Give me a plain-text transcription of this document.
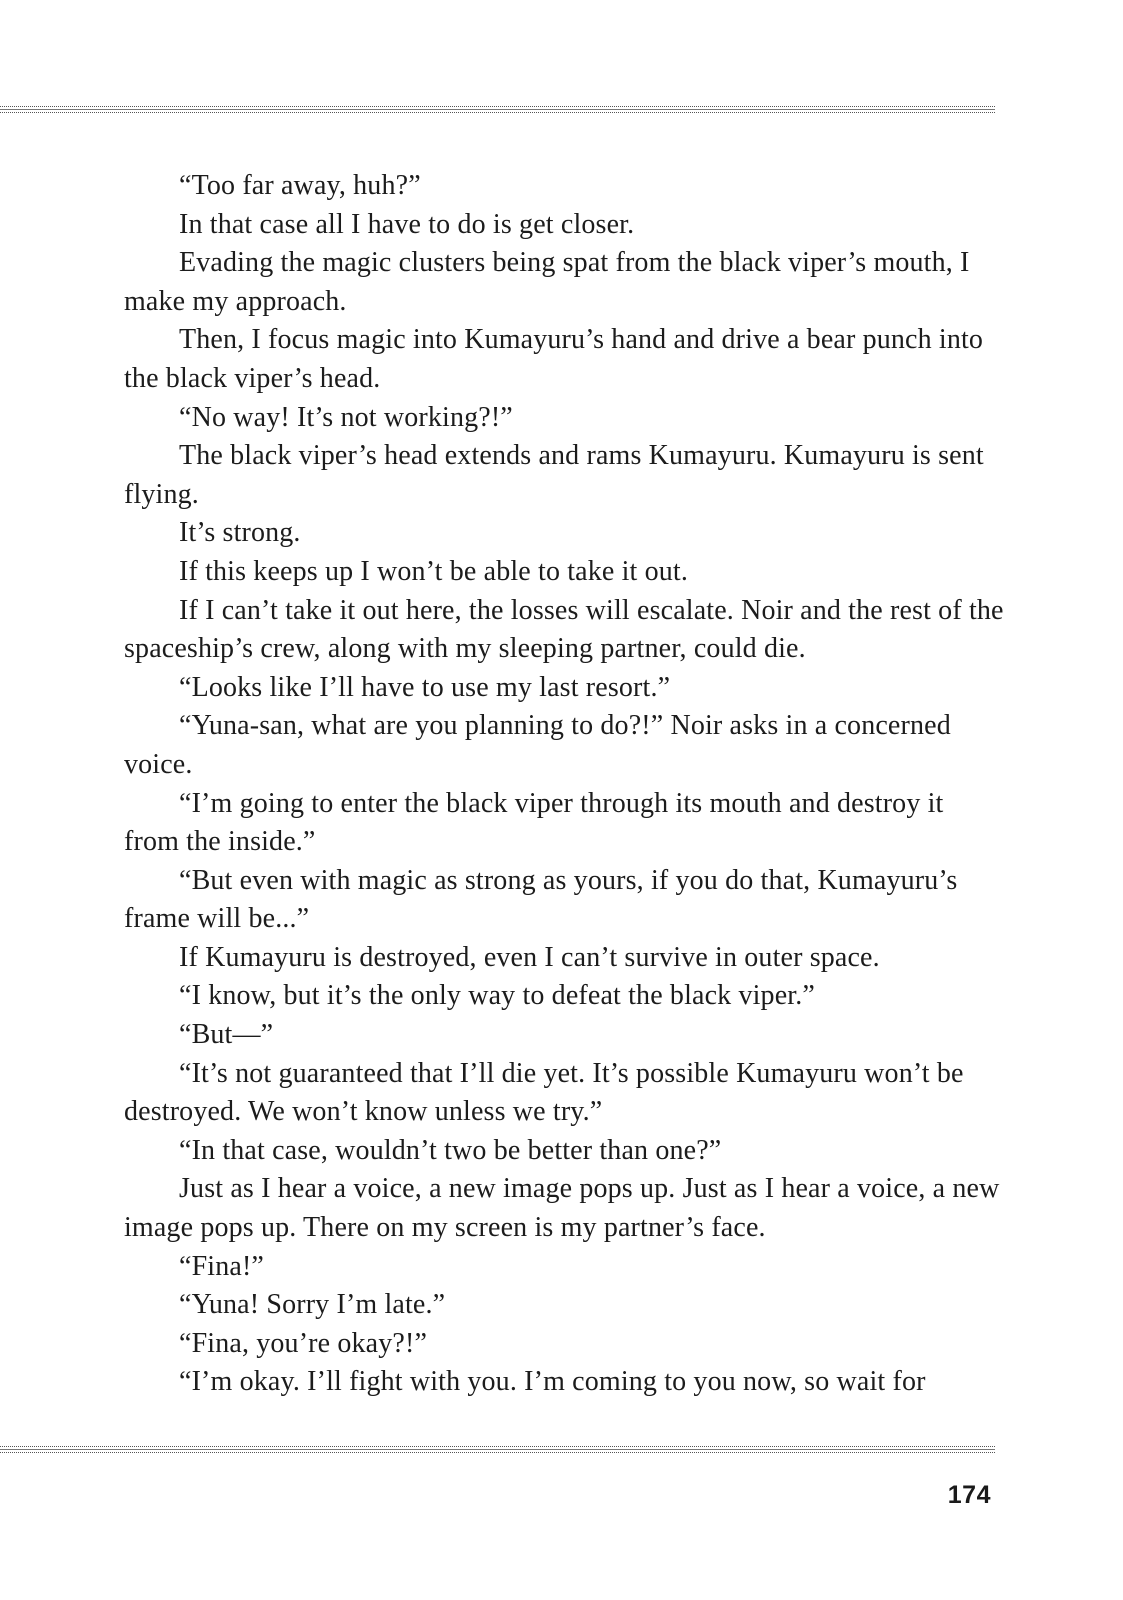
“Too far away, huh?”

In that case all I have to do is get closer.

Evading the magic clusters being spat from the black viper’s mouth, I make my approach.

Then, I focus magic into Kumayuru’s hand and drive a bear punch into the black viper’s head.

“No way! It’s not working?!”

The black viper’s head extends and rams Kumayuru. Kumayuru is sent flying.

It’s strong.

If this keeps up I won’t be able to take it out.

If I can’t take it out here, the losses will escalate. Noir and the rest of the spaceship’s crew, along with my sleeping partner, could die.

“Looks like I’ll have to use my last resort.”

“Yuna-san, what are you planning to do?!” Noir asks in a concerned voice.

“I’m going to enter the black viper through its mouth and destroy it from the inside.”

“But even with magic as strong as yours, if you do that, Kumayuru’s frame will be...”

If Kumayuru is destroyed, even I can’t survive in outer space.

“I know, but it’s the only way to defeat the black viper.”

“But—”

“It’s not guaranteed that I’ll die yet. It’s possible Kumayuru won’t be destroyed. We won’t know unless we try.”

“In that case, wouldn’t two be better than one?”

Just as I hear a voice, a new image pops up. Just as I hear a voice, a new image pops up. There on my screen is my partner’s face.

“Fina!”

“Yuna! Sorry I’m late.”

“Fina, you’re okay?!”

“I’m okay. I’ll fight with you. I’m coming to you now, so wait for

174
